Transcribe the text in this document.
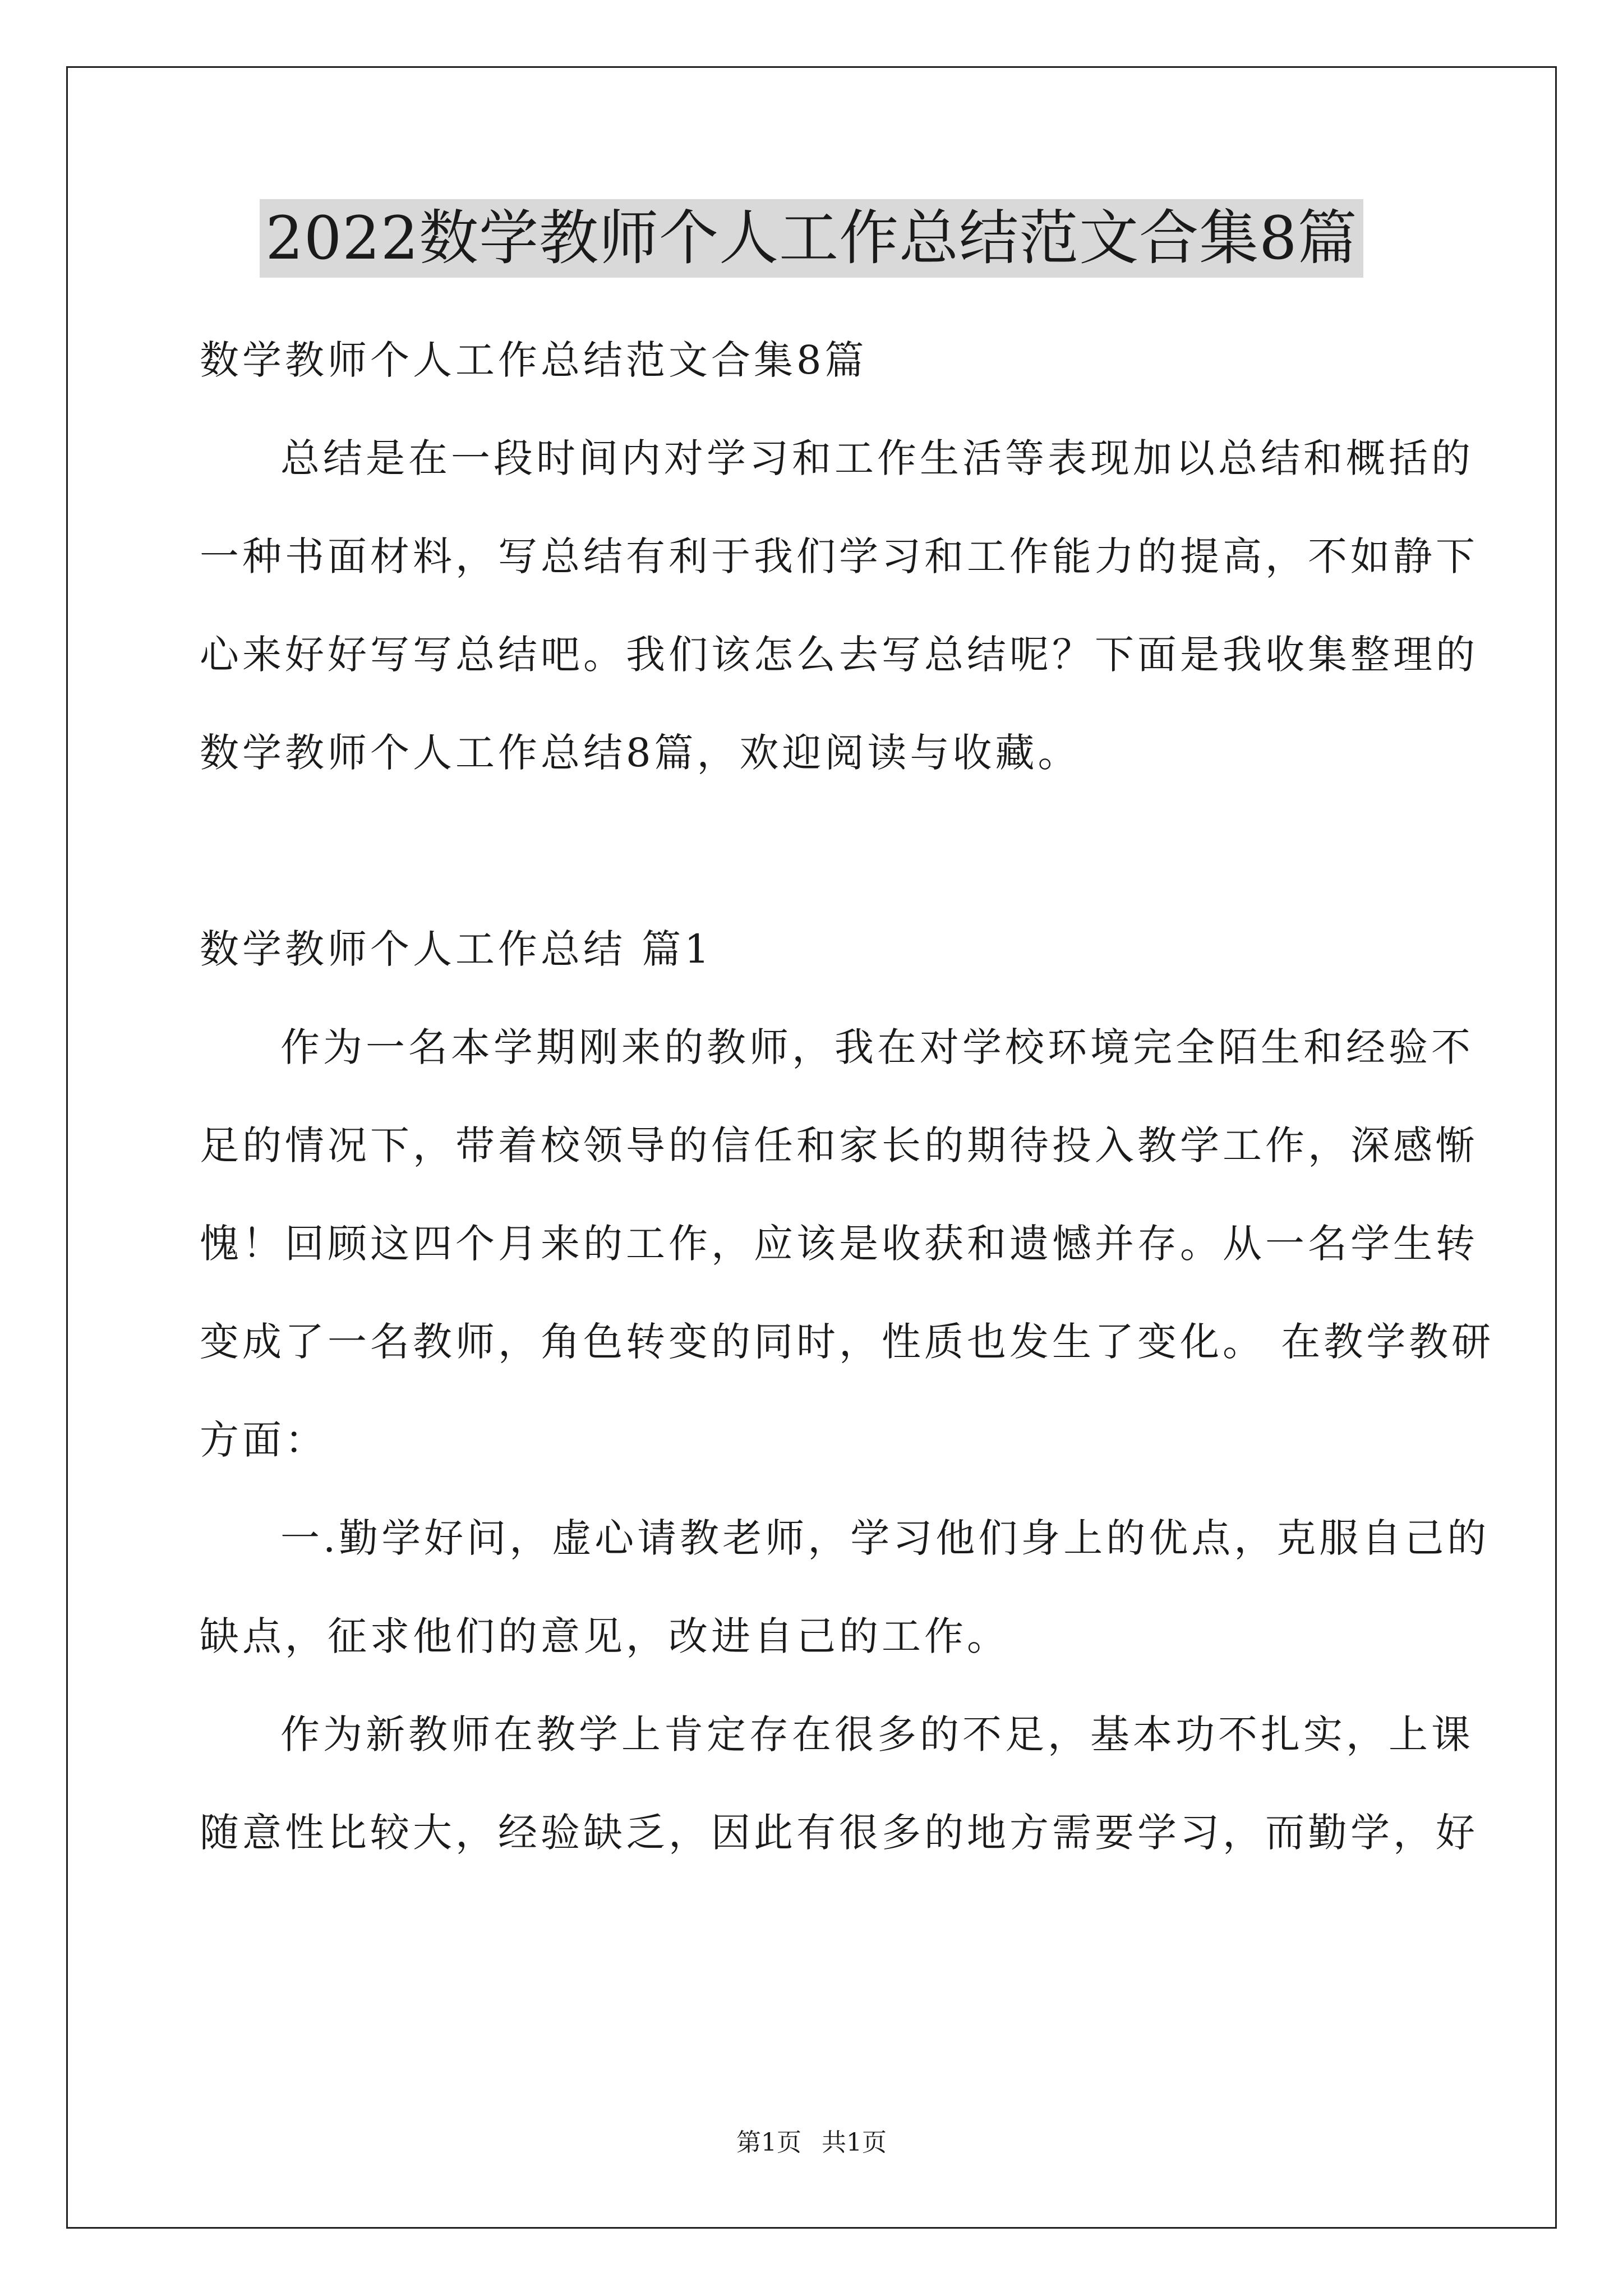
2022数学教师个人工作总结范文合集8篇
数学教师个人工作总结范文合集8篇
总结是在一段时间内对学习和工作生活等表现加以总结和概括的
一种书面材料，写总结有利于我们学习和工作能力的提高，不如静下
心来好好写写总结吧。我们该怎么去写总结呢？下面是我收集整理的
数学教师个人工作总结8篇，欢迎阅读与收藏。
数学教师个人工作总结 篇1
作为一名本学期刚来的教师，我在对学校环境完全陌生和经验不
足的情况下，带着校领导的信任和家长的期待投入教学工作，深感惭
愧！回顾这四个月来的工作，应该是收获和遗憾并存。从一名学生转
变成了一名教师，角色转变的同时，性质也发生了变化。 在教学教研
方面：
一.勤学好问，虚心请教老师，学习他们身上的优点，克服自己的
缺点，征求他们的意见，改进自己的工作。
作为新教师在教学上肯定存在很多的不足，基本功不扎实，上课
随意性比较大，经验缺乏，因此有很多的地方需要学习，而勤学，好
第1页 共1页
